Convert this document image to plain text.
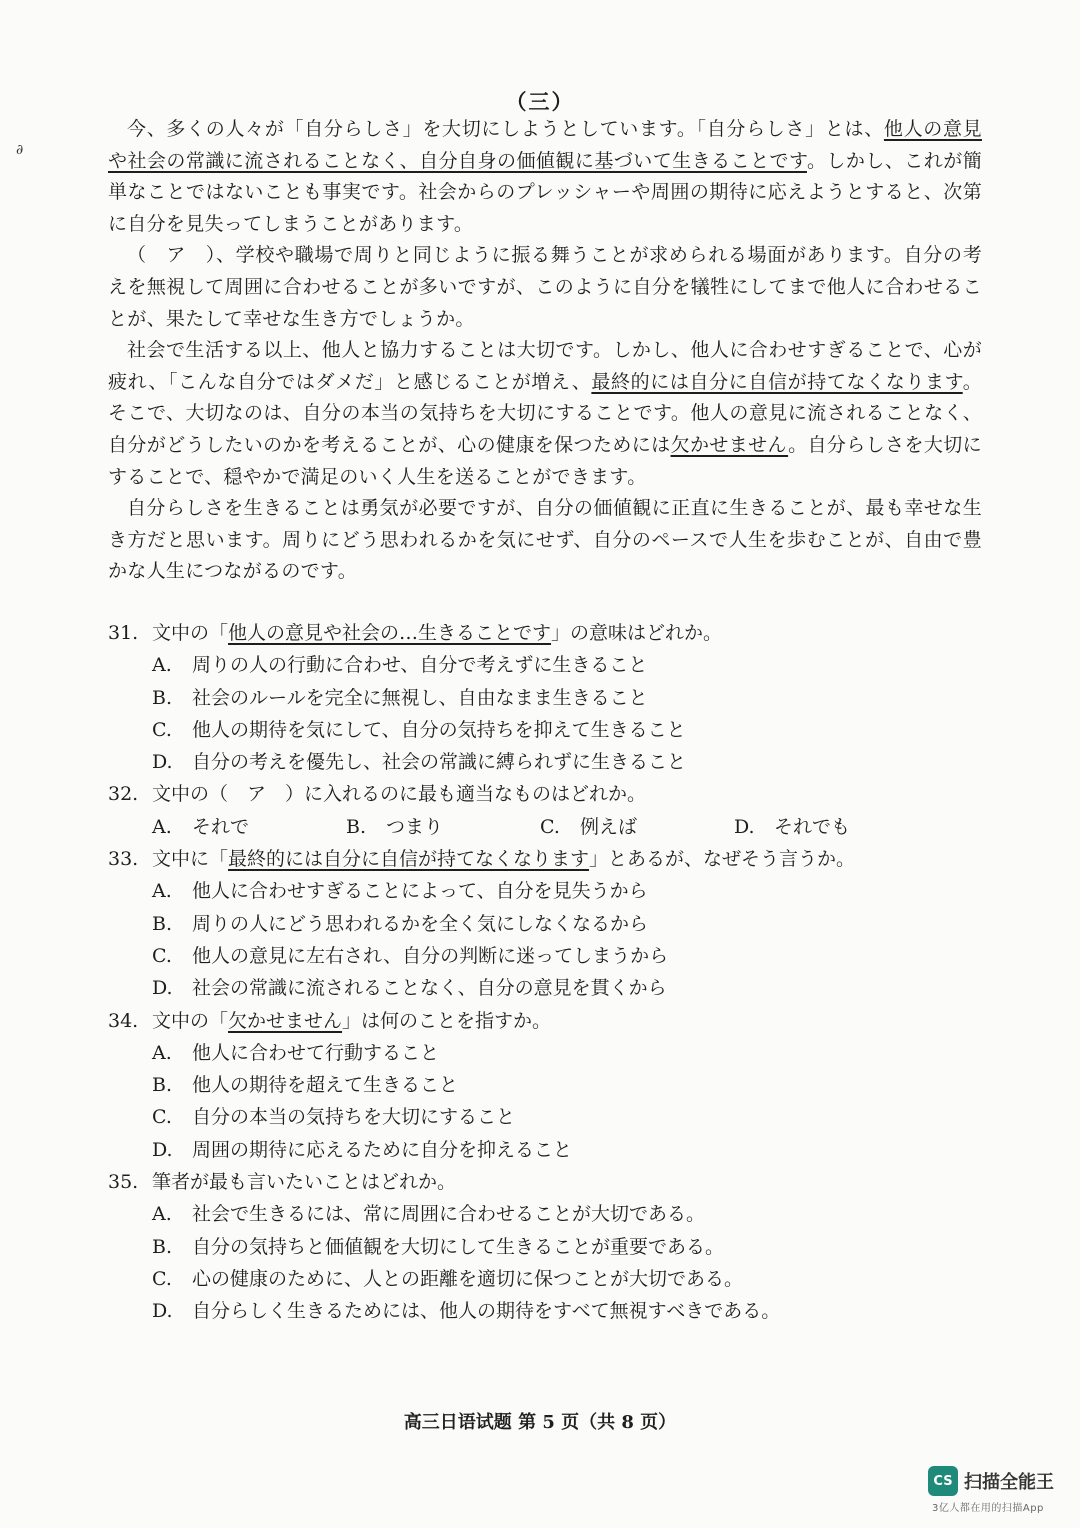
∂
（三）

今、多くの人々が「自分らしさ」を大切にしようとしています。「自分らしさ」とは、他人の意見や社会の常識に流されることなく、自分自身の価値観に基づいて生きることです。しかし、これが簡単なことではないことも事実です。社会からのプレッシャーや周囲の期待に応えようとすると、次第に自分を見失ってしまうことがあります。

（　ア　）、学校や職場で周りと同じように振る舞うことが求められる場面があります。自分の考えを無視して周囲に合わせることが多いですが、このように自分を犠牲にしてまで他人に合わせることが、果たして幸せな生き方でしょうか。

社会で生活する以上、他人と協力することは大切です。しかし、他人に合わせすぎることで、心が疲れ、「こんな自分ではダメだ」と感じることが増え、最終的には自分に自信が持てなくなります。そこで、大切なのは、自分の本当の気持ちを大切にすることです。他人の意見に流されることなく、自分がどうしたいのかを考えることが、心の健康を保つためには欠かせません。自分らしさを大切にすることで、穏やかで満足のいく人生を送ることができます。

自分らしさを生きることは勇気が必要ですが、自分の価値観に正直に生きることが、最も幸せな生き方だと思います。周りにどう思われるかを気にせず、自分のペースで人生を歩むことが、自由で豊かな人生につながるのです。

31. 文中の「他人の意見や社会の…生きることです」の意味はどれか。
A. 周りの人の行動に合わせ、自分で考えずに生きること
B. 社会のルールを完全に無視し、自由なまま生きること
C. 他人の期待を気にして、自分の気持ちを抑えて生きること
D. 自分の考えを優先し、社会の常識に縛られずに生きること
32. 文中の（　ア　）に入れるのに最も適当なものはどれか。
A. それで	B. つまり	C. 例えば	D. それでも
33. 文中に「最終的には自分に自信が持てなくなります」とあるが、なぜそう言うか。
A. 他人に合わせすぎることによって、自分を見失うから
B. 周りの人にどう思われるかを全く気にしなくなるから
C. 他人の意見に左右され、自分の判断に迷ってしまうから
D. 社会の常識に流されることなく、自分の意見を貫くから
34. 文中の「欠かせません」は何のことを指すか。
A. 他人に合わせて行動すること
B. 他人の期待を超えて生きること
C. 自分の本当の気持ちを大切にすること
D. 周囲の期待に応えるために自分を抑えること
35. 筆者が最も言いたいことはどれか。
A. 社会で生きるには、常に周囲に合わせることが大切である。
B. 自分の気持ちと価値観を大切にして生きることが重要である。
C. 心の健康のために、人との距離を適切に保つことが大切である。
D. 自分らしく生きるためには、他人の期待をすべて無視すべきである。
高三日语试题 第 5 页（共 8 页）
CS 扫描全能王
3亿人都在用的扫描App
